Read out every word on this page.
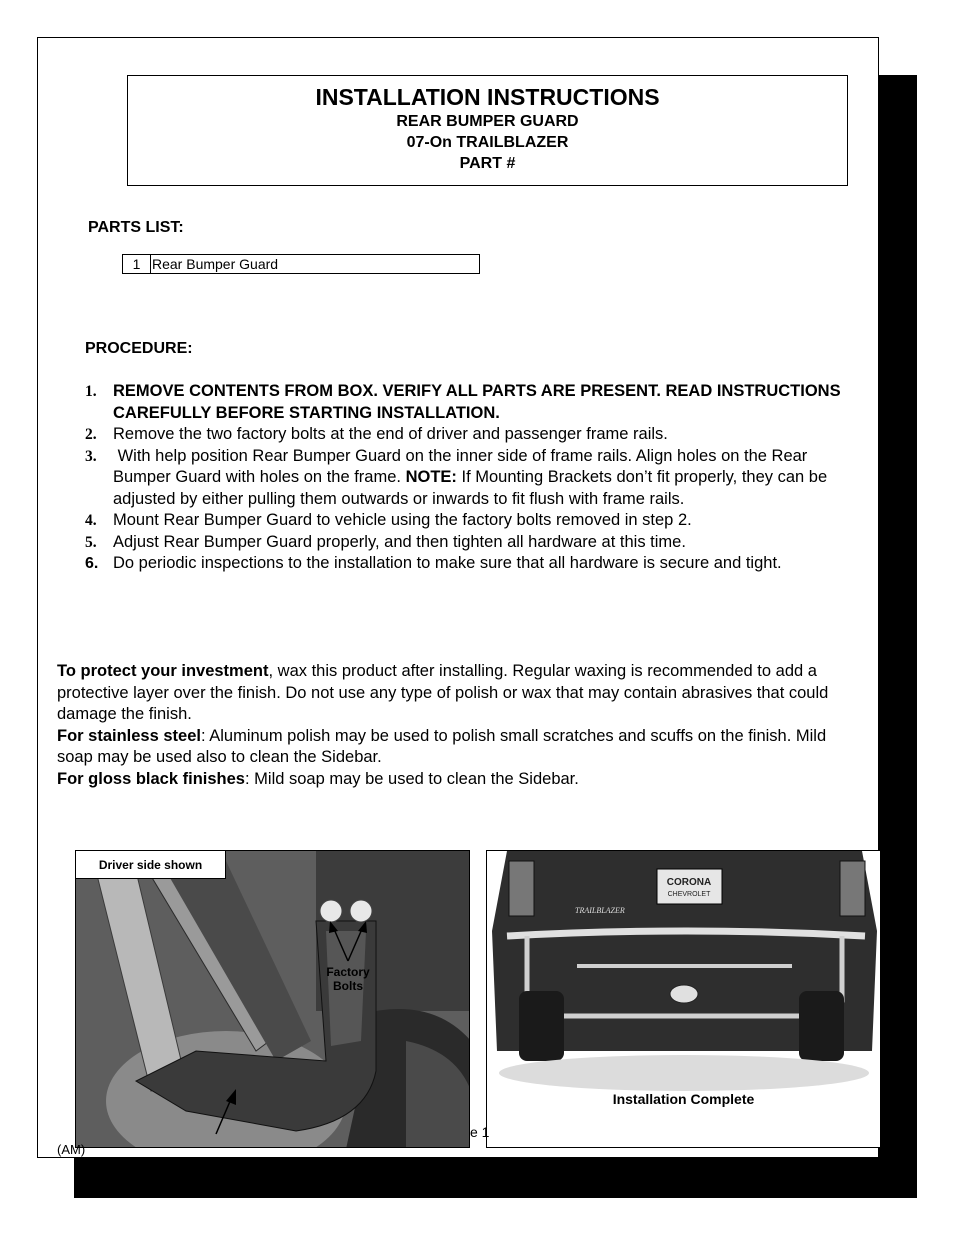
INSTALLATION INSTRUCTIONS
REAR BUMPER GUARD
07-On TRAILBLAZER
PART #
PARTS LIST:
1 Rear Bumper Guard
PROCEDURE:
1. REMOVE CONTENTS FROM BOX. VERIFY ALL PARTS ARE PRESENT. READ INSTRUCTIONS CAREFULLY BEFORE STARTING INSTALLATION.
2. Remove the two factory bolts at the end of driver and passenger frame rails.
3. With help position Rear Bumper Guard on the inner side of frame rails. Align holes on the Rear Bumper Guard with holes on the frame. NOTE: If Mounting Brackets don’t fit properly, they can be adjusted by either pulling them outwards or inwards to fit flush with frame rails.
4. Mount Rear Bumper Guard to vehicle using the factory bolts removed in step 2.
5. Adjust Rear Bumper Guard properly, and then tighten all hardware at this time.
6. Do periodic inspections to the installation to make sure that all hardware is secure and tight.

To protect your investment, wax this product after installing. Regular waxing is recommended to add a protective layer over the finish. Do not use any type of polish or wax that may contain abrasives that could damage the finish.

For stainless steel: Aluminum polish may be used to polish small scratches and scuffs on the finish. Mild soap may be used also to clean the Sidebar.

For gloss black finishes: Mild soap may be used to clean the Sidebar.

Driver side shown
Factory
Bolts
CORONA
CHEVROLET
TRAILBLAZER
Installation Complete
e 1
(AM)
